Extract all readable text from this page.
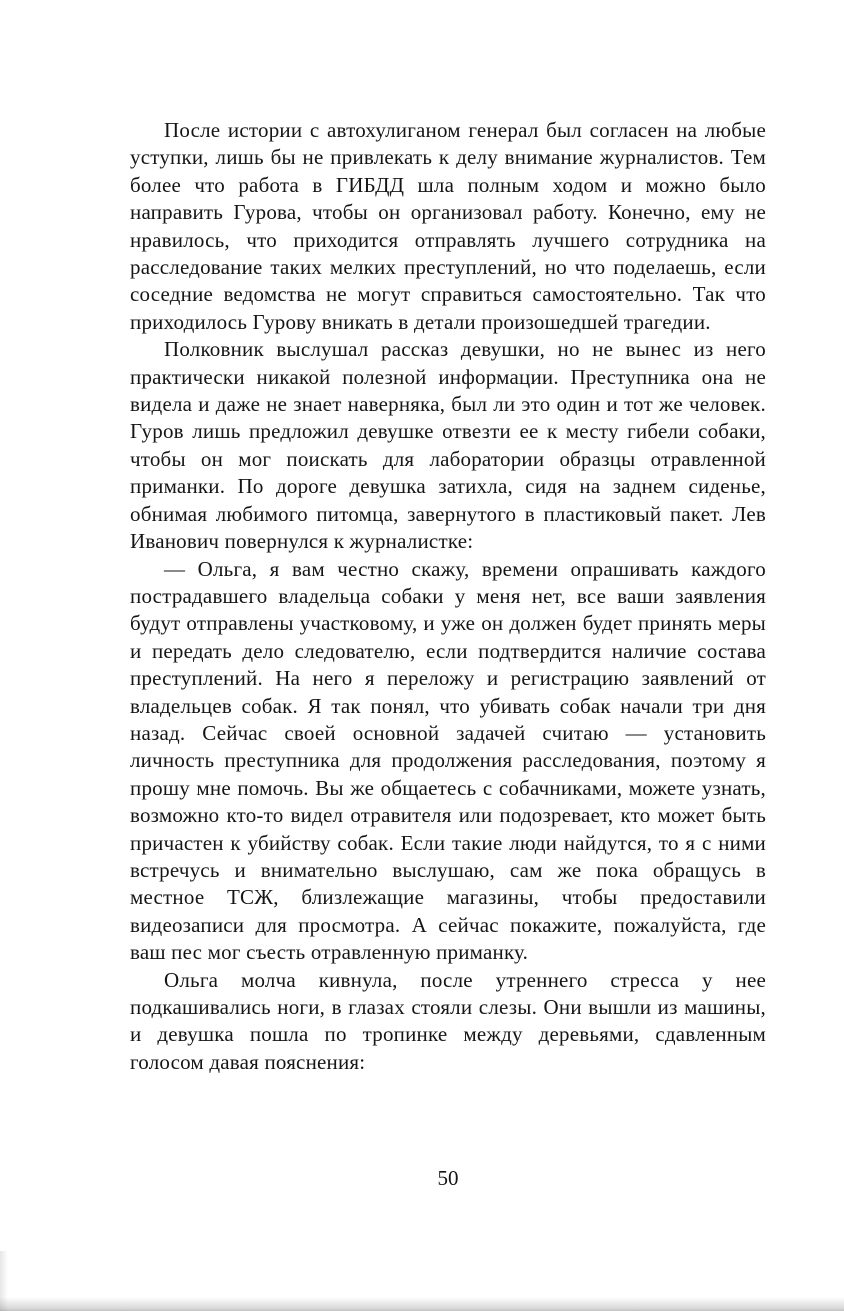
После истории с автохулиганом генерал был согласен на любые уступки, лишь бы не привлекать к делу внимание журналистов. Тем более что работа в ГИБДД шла полным ходом и можно было направить Гурова, чтобы он организовал работу. Конечно, ему не нравилось, что приходится отправлять лучшего сотрудника на расследование таких мелких преступлений, но что поделаешь, если соседние ведомства не могут справиться самостоятельно. Так что приходилось Гурову вникать в детали произошедшей трагедии.

Полковник выслушал рассказ девушки, но не вынес из него практически никакой полезной информации. Преступника она не видела и даже не знает наверняка, был ли это один и тот же человек. Гуров лишь предложил девушке отвезти ее к месту гибели собаки, чтобы он мог поискать для лаборатории образцы отравленной приманки. По дороге девушка затихла, сидя на заднем сиденье, обнимая любимого питомца, завернутого в пластиковый пакет. Лев Иванович повернулся к журналистке:

— Ольга, я вам честно скажу, времени опрашивать каждого пострадавшего владельца собаки у меня нет, все ваши заявления будут отправлены участковому, и уже он должен будет принять меры и передать дело следователю, если подтвердится наличие состава преступлений. На него я переложу и регистрацию заявлений от владельцев собак. Я так понял, что убивать собак начали три дня назад. Сейчас своей основной задачей считаю — установить личность преступника для продолжения расследования, поэтому я прошу мне помочь. Вы же общаетесь с собачниками, можете узнать, возможно кто-то видел отравителя или подозревает, кто может быть причастен к убийству собак. Если такие люди найдутся, то я с ними встречусь и внимательно выслушаю, сам же пока обращусь в местное ТСЖ, близлежащие магазины, чтобы предоставили видеозаписи для просмотра. А сейчас покажите, пожалуйста, где ваш пес мог съесть отравленную приманку.

Ольга молча кивнула, после утреннего стресса у нее подкашивались ноги, в глазах стояли слезы. Они вышли из машины, и девушка пошла по тропинке между деревьями, сдавленным голосом давая пояснения:

50
